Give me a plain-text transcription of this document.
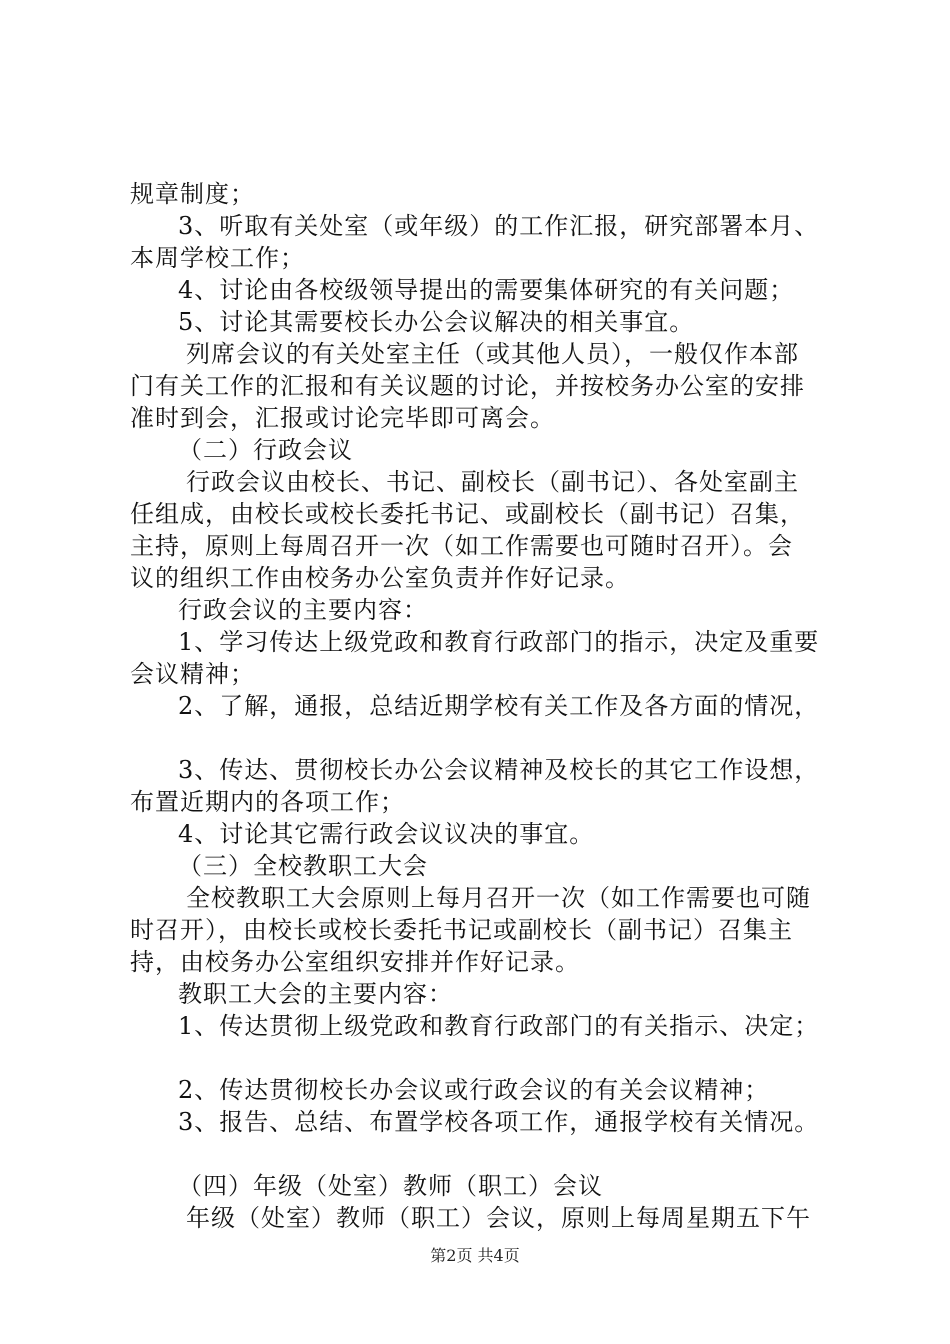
规章制度；
3、听取有关处室（或年级）的工作汇报，研究部署本月、
本周学校工作；
4、讨论由各校级领导提出的需要集体研究的有关问题；
5、讨论其需要校长办公会议解决的相关事宜。
列席会议的有关处室主任（或其他人员），一般仅作本部
门有关工作的汇报和有关议题的讨论，并按校务办公室的安排
准时到会，汇报或讨论完毕即可离会。
（二）行政会议
行政会议由校长、书记、副校长（副书记）、各处室副主
任组成，由校长或校长委托书记、或副校长（副书记）召集，
主持，原则上每周召开一次（如工作需要也可随时召开）。会
议的组织工作由校务办公室负责并作好记录。
行政会议的主要内容：
1、学习传达上级党政和教育行政部门的指示，决定及重要
会议精神；
2、了解，通报，总结近期学校有关工作及各方面的情况，
3、传达、贯彻校长办公会议精神及校长的其它工作设想，
布置近期内的各项工作；
4、讨论其它需行政会议议决的事宜。
（三）全校教职工大会
全校教职工大会原则上每月召开一次（如工作需要也可随
时召开），由校长或校长委托书记或副校长（副书记）召集主
持，由校务办公室组织安排并作好记录。
教职工大会的主要内容：
1、传达贯彻上级党政和教育行政部门的有关指示、决定；
2、传达贯彻校长办会议或行政会议的有关会议精神；
3、报告、总结、布置学校各项工作，通报学校有关情况。
（四）年级（处室）教师（职工）会议
年级（处室）教师（职工）会议，原则上每周星期五下午
第2页 共4页
